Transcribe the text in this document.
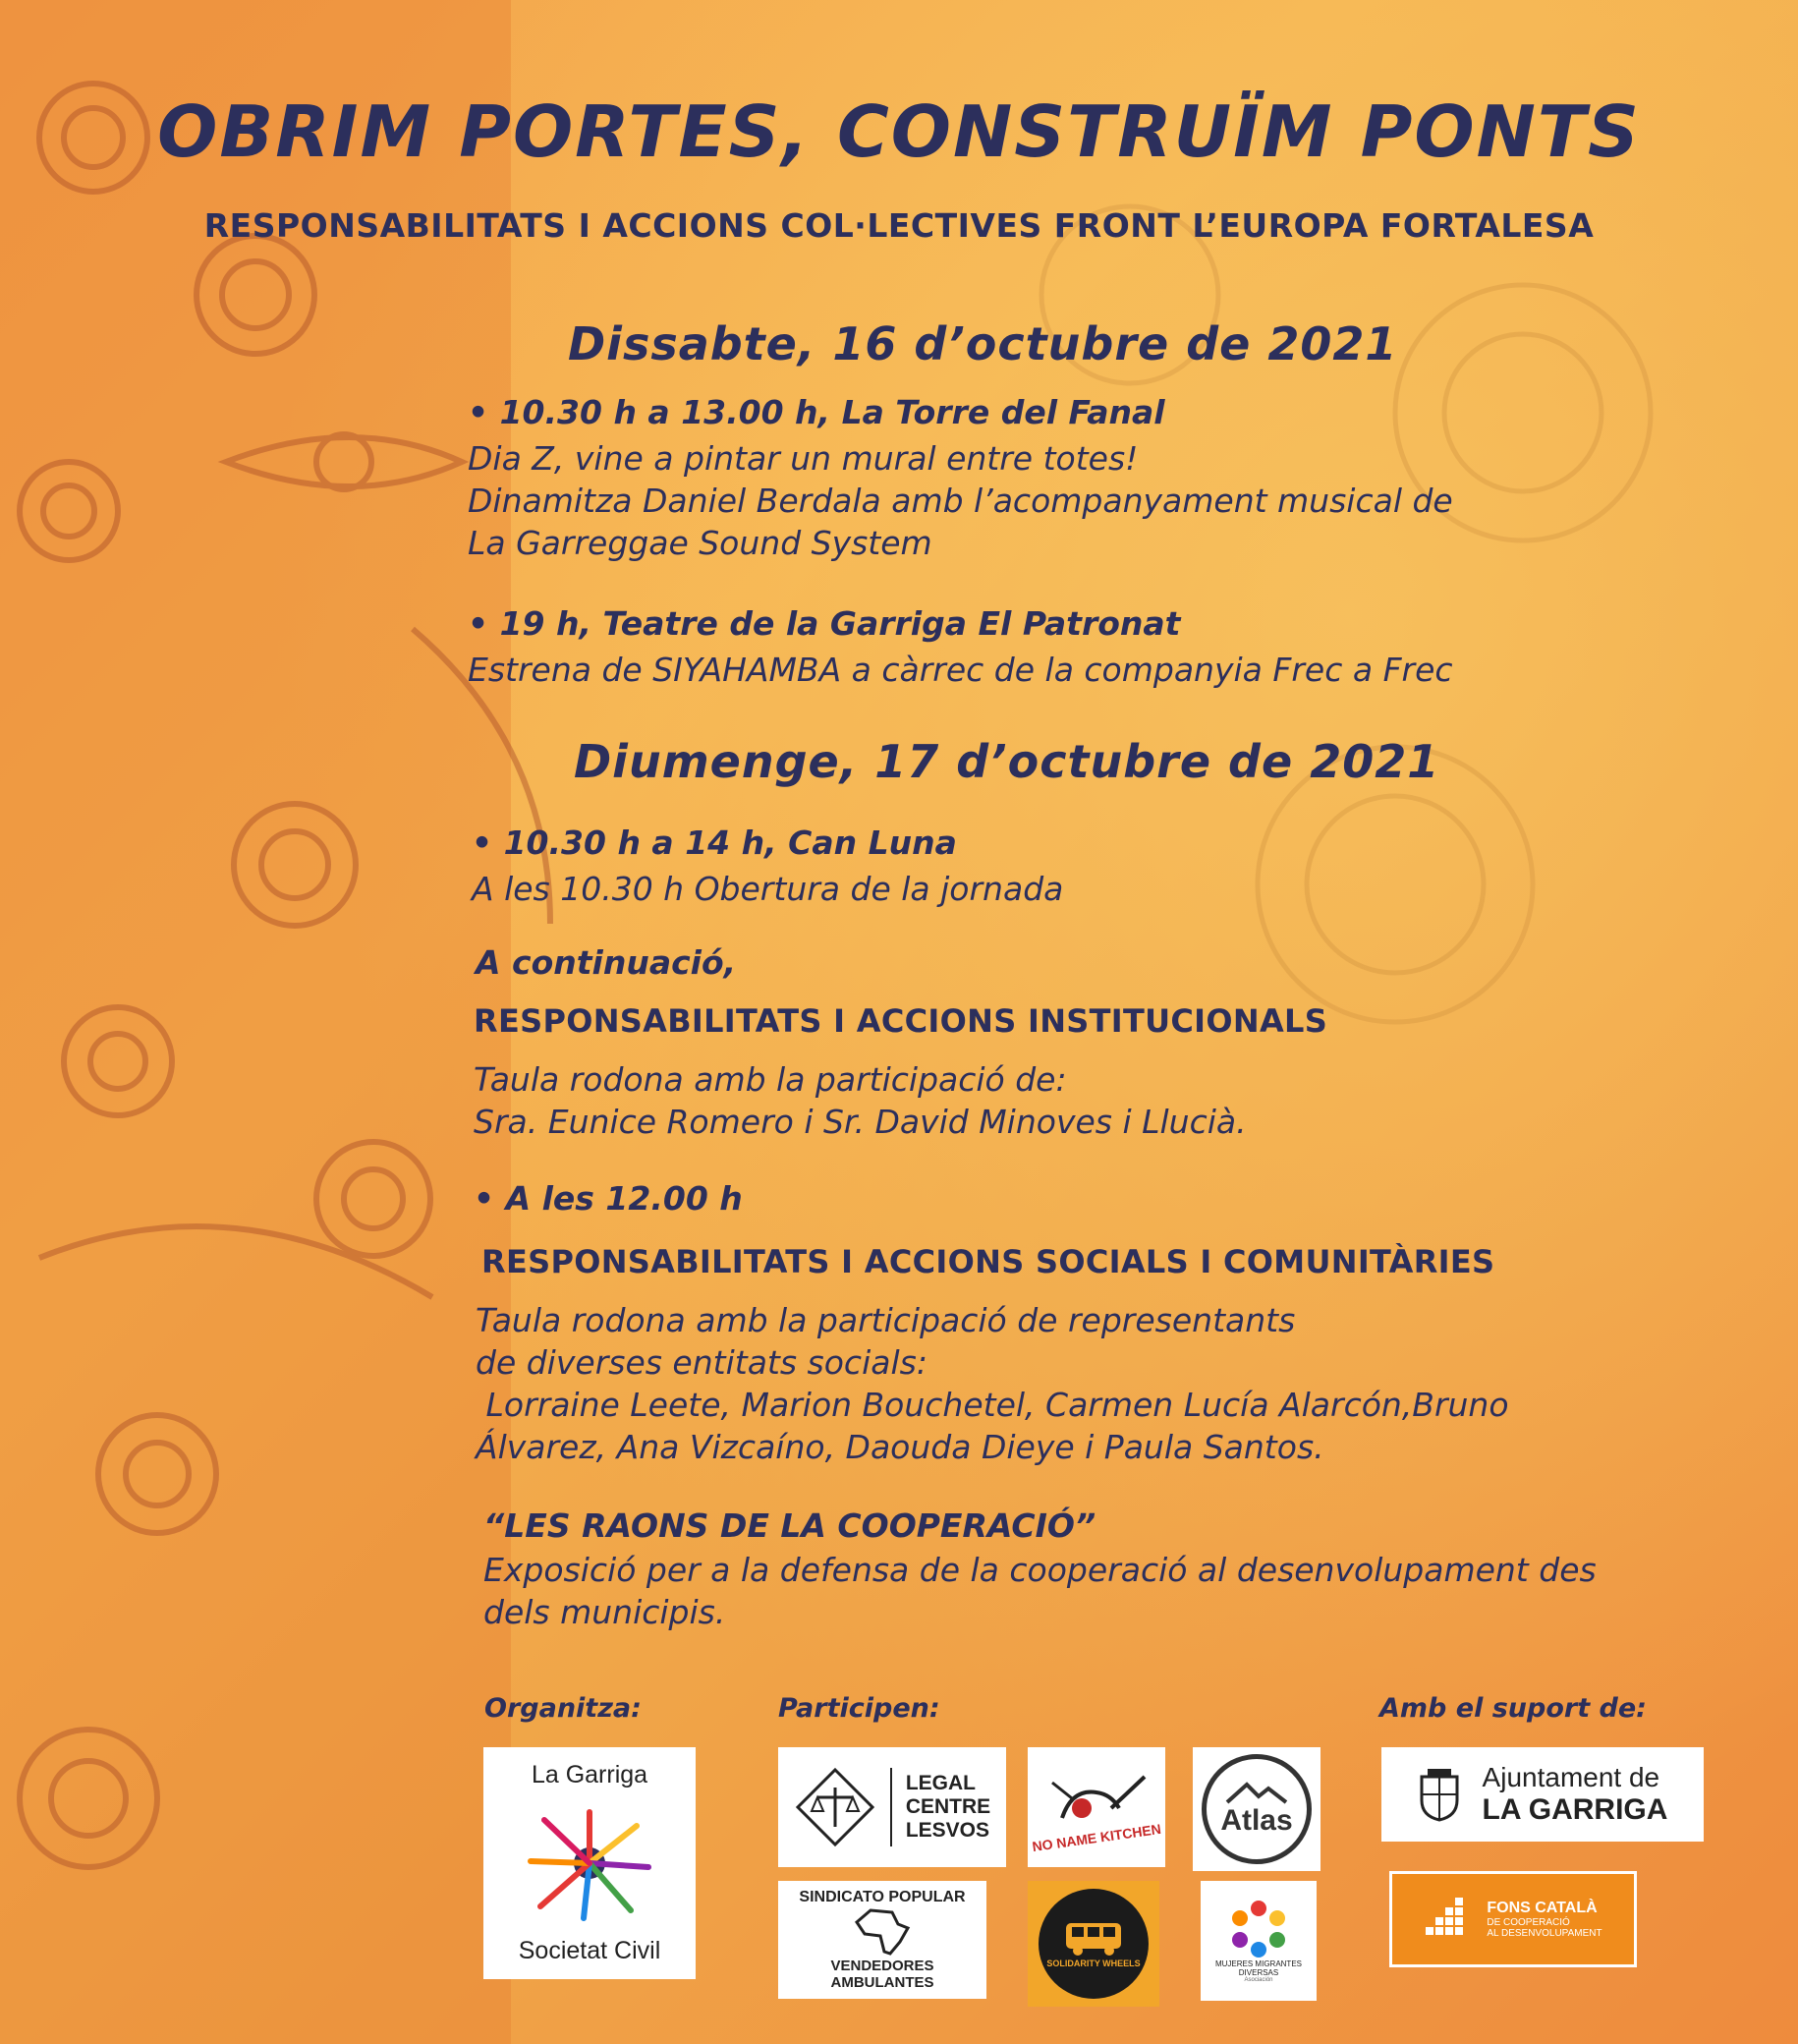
OBRIM PORTES, CONSTRUÏM PONTS
RESPONSABILITATS I ACCIONS COL·LECTIVES FRONT L’EUROPA FORTALESA
Dissabte, 16 d’octubre de 2021
• 10.30 h a 13.00 h, La Torre del Fanal
Dia Z, vine a pintar un mural entre totes!
Dinamitza Daniel Berdala amb l’acompanyament musical de
La Garreggae Sound System
• 19 h, Teatre de la Garriga El Patronat
Estrena de SIYAHAMBA a càrrec de la companyia Frec a Frec
Diumenge, 17 d’octubre de 2021
• 10.30 h a 14 h, Can Luna
A les 10.30 h Obertura de la jornada
A continuació,
RESPONSABILITATS I ACCIONS INSTITUCIONALS
Taula rodona amb la participació de:
Sra. Eunice Romero i Sr. David Minoves i Llucià.
• A les 12.00 h
RESPONSABILITATS I ACCIONS SOCIALS I COMUNITÀRIES
Taula rodona amb la participació de representants
de diverses entitats socials:
Lorraine Leete, Marion Bouchetel, Carmen Lucía Alarcón,Bruno
Álvarez, Ana Vizcaíno, Daouda Dieye i Paula Santos.
“LES RAONS DE LA COOPERACIÓ”
Exposició per a la defensa de la cooperació al desenvolupament des
dels municipis.
Organitza:	Participen:	Amb el suport de:
La Garriga
Societat Civil
LEGAL
CENTRE
LESVOS	NO NAME KITCHEN
Atlas
SINDICATO POPULAR
VENDEDORES AMBULANTES
SOLIDARITY WHEELS	MUJERES MIGRANTES DIVERSAS
Asociación
Ajuntament de
LA GARRIGA
FONS CATALÀ
DE COOPERACIÓ
AL DESENVOLUPAMENT
